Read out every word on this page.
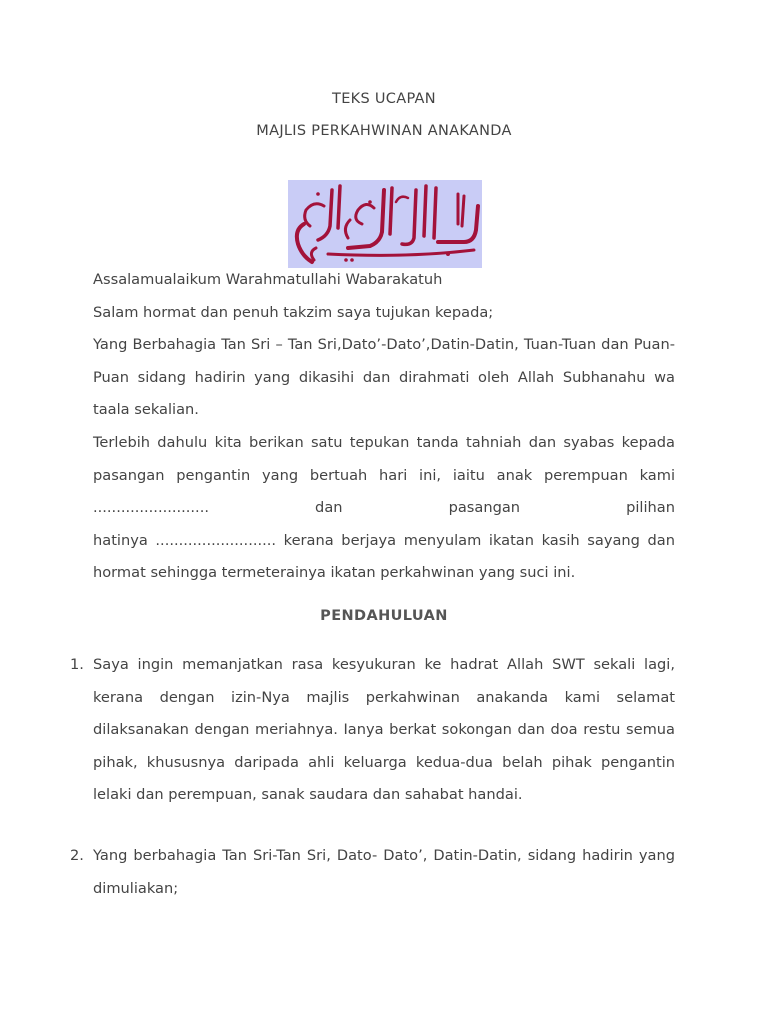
TEKS UCAPAN
MAJLIS PERKAHWINAN ANAKANDA

Assalamualaikum Warahmatullahi Wabarakatuh

Salam hormat dan penuh takzim saya tujukan kepada;

Yang Berbahagia Tan Sri – Tan Sri,Dato’-Dato’,Datin-Datin, Tuan-Tuan dan Puan-Puan sidang hadirin yang dikasihi dan dirahmati oleh Allah Subhanahu wa taala sekalian.

Terlebih dahulu kita berikan satu tepukan tanda tahniah dan syabas kepada pasangan pengantin yang bertuah hari ini, iaitu anak perempuan kami ......................... dan pasangan pilihan

hatinya .......................... kerana berjaya menyulam ikatan kasih sayang dan hormat sehingga termeterainya ikatan perkahwinan yang suci ini.

PENDAHULUAN
1. Saya ingin memanjatkan rasa kesyukuran ke hadrat Allah SWT sekali lagi, kerana dengan izin-Nya majlis perkahwinan anakanda kami selamat dilaksanakan dengan meriahnya. Ianya berkat sokongan dan doa restu semua pihak, khususnya daripada ahli keluarga kedua-dua belah pihak pengantin lelaki dan perempuan, sanak saudara dan sahabat handai.
2. Yang berbahagia Tan Sri-Tan Sri, Dato- Dato’, Datin-Datin, sidang hadirin yang dimuliakan;
